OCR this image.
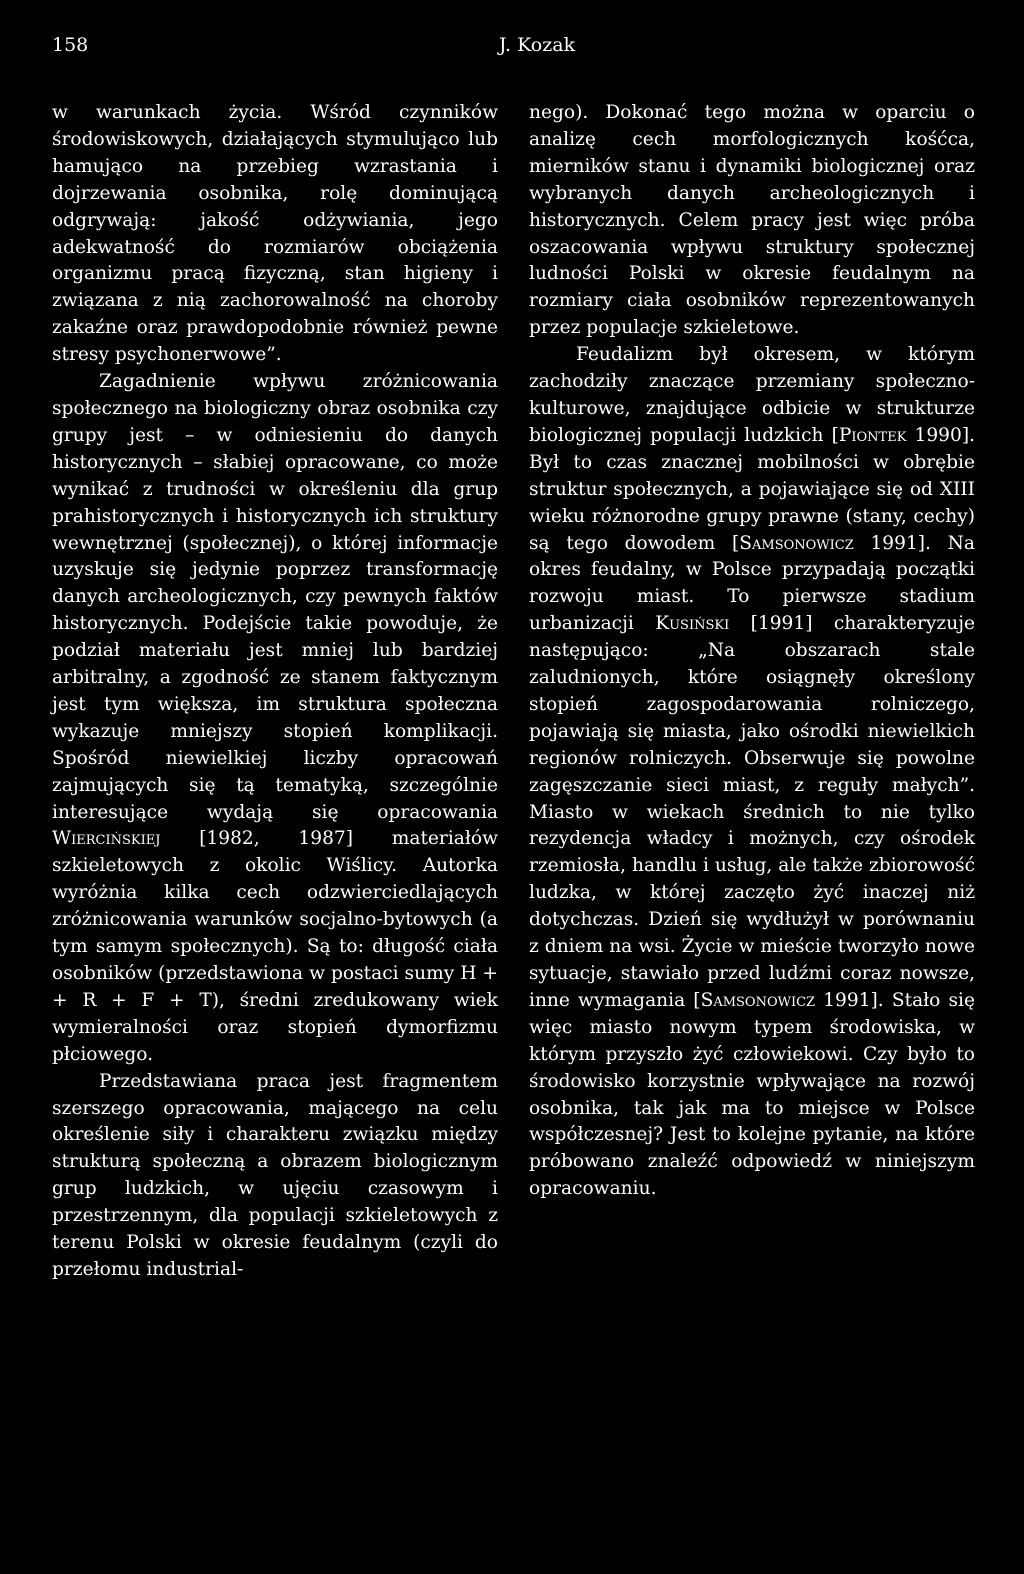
158	J. Kozak

w warunkach życia. Wśród czynników środowiskowych, działających stymulująco lub hamująco na przebieg wzrastania i dojrzewania osobnika, rolę dominującą odgrywają: jakość odżywiania, jego adekwatność do rozmiarów obciążenia organizmu pracą fizyczną, stan higieny i związana z nią zachorowalność na choroby zakaźne oraz prawdopodobnie również pewne stresy psychonerwowe”.

Zagadnienie wpływu zróżnicowania społecznego na biologiczny obraz osobnika czy grupy jest – w odniesieniu do danych historycznych – słabiej opracowane, co może wynikać z trudności w określeniu dla grup prahistorycznych i historycznych ich struktury wewnętrznej (społecznej), o której informacje uzyskuje się jedynie poprzez transformację danych archeologicznych, czy pewnych faktów historycznych. Podejście takie powoduje, że podział materiału jest mniej lub bardziej arbitralny, a zgodność ze stanem faktycznym jest tym większa, im struktura społeczna wykazuje mniejszy stopień komplikacji. Spośród niewielkiej liczby opracowań zajmujących się tą tematyką, szczególnie interesujące wydają się opracowania Wiercińskiej [1982, 1987] materiałów szkieletowych z okolic Wiślicy. Autorka wyróżnia kilka cech odzwierciedlających zróżnicowania warunków socjalno-bytowych (a tym samym społecznych). Są to: długość ciała osobników (przedstawiona w postaci sumy H + + R + F + T), średni zredukowany wiek wymieralności oraz stopień dymorfizmu płciowego.

Przedstawiana praca jest fragmentem szerszego opracowania, mającego na celu określenie siły i charakteru związku między strukturą społeczną a obrazem biologicznym grup ludzkich, w ujęciu czasowym i przestrzennym, dla populacji szkieletowych z terenu Polski w okresie feudalnym (czyli do przełomu industrial-

nego). Dokonać tego można w oparciu o analizę cech morfologicznych kośćca, mierników stanu i dynamiki biologicznej oraz wybranych danych archeologicznych i historycznych. Celem pracy jest więc próba oszacowania wpływu struktury społecznej ludności Polski w okresie feudalnym na rozmiary ciała osobników reprezentowanych przez populacje szkieletowe.

Feudalizm był okresem, w którym zachodziły znaczące przemiany społeczno-kulturowe, znajdujące odbicie w strukturze biologicznej populacji ludzkich [Piontek 1990]. Był to czas znacznej mobilności w obrębie struktur społecznych, a pojawiające się od XIII wieku różnorodne grupy prawne (stany, cechy) są tego dowodem [Samsonowicz 1991]. Na okres feudalny, w Polsce przypadają początki rozwoju miast. To pierwsze stadium urbanizacji Kusiński [1991] charakteryzuje następująco: „Na obszarach stale zaludnionych, które osiągnęły określony stopień zagospodarowania rolniczego, pojawiają się miasta, jako ośrodki niewielkich regionów rolniczych. Obserwuje się powolne zagęszczanie sieci miast, z reguły małych”. Miasto w wiekach średnich to nie tylko rezydencja władcy i możnych, czy ośrodek rzemiosła, handlu i usług, ale także zbiorowość ludzka, w której zaczęto żyć inaczej niż dotychczas. Dzień się wydłużył w porównaniu z dniem na wsi. Życie w mieście tworzyło nowe sytuacje, stawiało przed ludźmi coraz nowsze, inne wymagania [Samsonowicz 1991]. Stało się więc miasto nowym typem środowiska, w którym przyszło żyć człowiekowi. Czy było to środowisko korzystnie wpływające na rozwój osobnika, tak jak ma to miejsce w Polsce współczesnej? Jest to kolejne pytanie, na które próbowano znaleźć odpowiedź w niniejszym opracowaniu.
